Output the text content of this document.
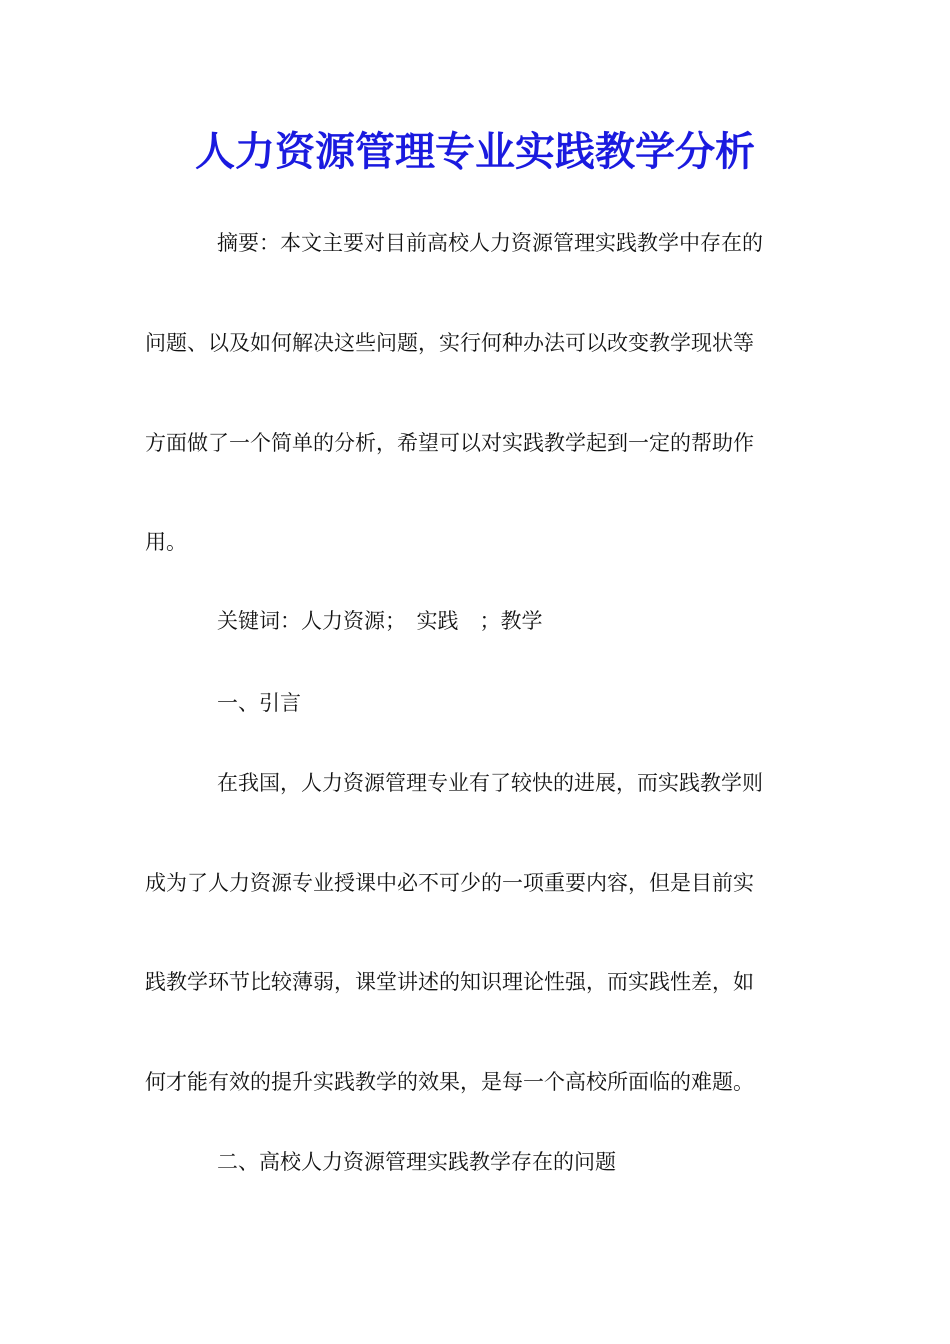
人力资源管理专业实践教学分析
摘要：本文主要对目前高校人力资源管理实践教学中存在的
问题、以及如何解决这些问题，实行何种办法可以改变教学现状等
方面做了一个简单的分析，希望可以对实践教学起到一定的帮助作
用。
关键词：人力资源；　实践　；教学
一、引言
在我国，人力资源管理专业有了较快的进展，而实践教学则
成为了人力资源专业授课中必不可少的一项重要内容，但是目前实
践教学环节比较薄弱，课堂讲述的知识理论性强，而实践性差，如
何才能有效的提升实践教学的效果，是每一个高校所面临的难题。
二、高校人力资源管理实践教学存在的问题
